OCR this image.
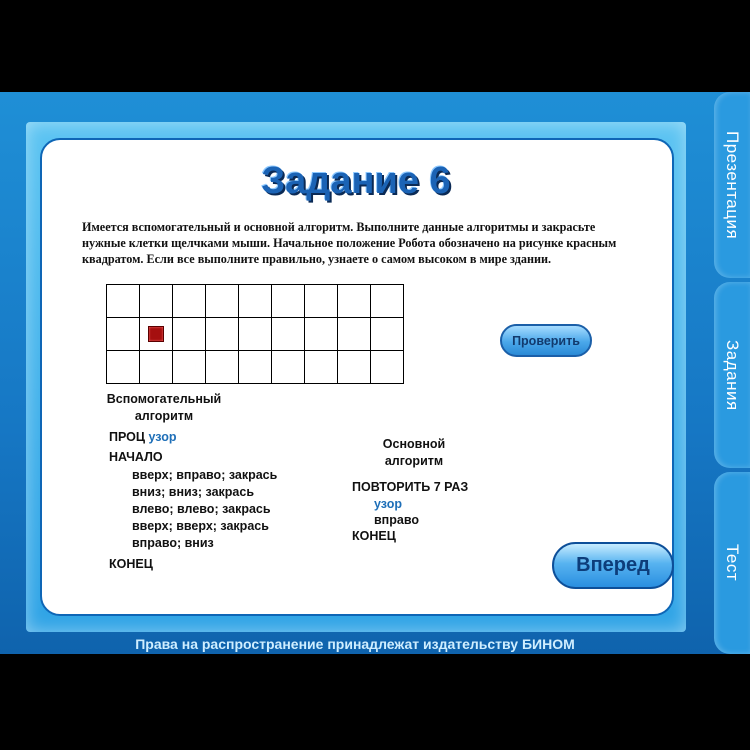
Презентация
Задания
Тест
Задание 6
Имеется вспомогательный и основной алгоритм. Выполните данные алгоритмы и закрасьте нужные клетки щелчками мыши. Начальное положение Робота обозначено на рисунке красным квадратом. Если все выполните правильно, узнаете о самом высоком в мире здании.

Проверить
Вспомогательный
алгоритм
ПРОЦ узор
НАЧАЛО
вверх; вправо; закрась
вниз; вниз; закрась
влево; влево; закрась
вверх; вверх; закрась
вправо; вниз
КОНЕЦ
Основной
алгоритм
ПОВТОРИТЬ 7 РАЗ
узор
вправо
КОНЕЦ
Вперед
Права на распространение принадлежат издательству БИНОМ
